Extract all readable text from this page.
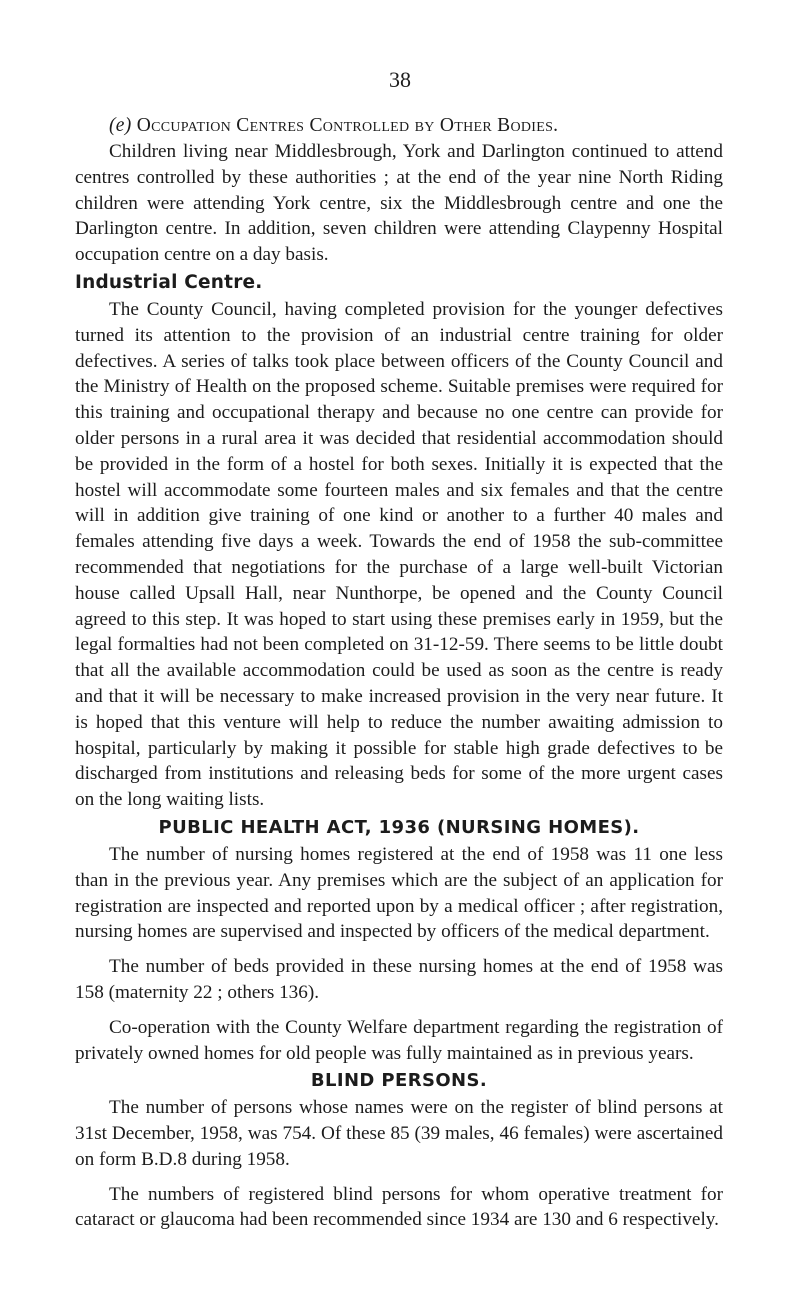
38
(e) Occupation Centres Controlled by Other Bodies.

Children living near Middlesbrough, York and Darlington continued to attend centres controlled by these authorities ; at the end of the year nine North Riding children were attending York centre, six the Middlesbrough centre and one the Darlington centre. In addition, seven children were attending Claypenny Hospital occupation centre on a day basis.

Industrial Centre.

The County Council, having completed provision for the younger defectives turned its attention to the provision of an industrial centre training for older defectives. A series of talks took place between officers of the County Council and the Ministry of Health on the proposed scheme. Suitable premises were required for this training and occupational therapy and because no one centre can provide for older persons in a rural area it was decided that residential accommodation should be provided in the form of a hostel for both sexes. Initially it is expected that the hostel will accommodate some fourteen males and six females and that the centre will in addition give training of one kind or another to a further 40 males and females attending five days a week. Towards the end of 1958 the sub-committee recommended that negotiations for the purchase of a large well-built Victorian house called Upsall Hall, near Nunthorpe, be opened and the County Council agreed to this step. It was hoped to start using these premises early in 1959, but the legal formalties had not been completed on 31-12-59. There seems to be little doubt that all the available accommodation could be used as soon as the centre is ready and that it will be necessary to make increased provision in the very near future. It is hoped that this venture will help to reduce the number awaiting admission to hospital, particularly by making it possible for stable high grade defectives to be discharged from institutions and releasing beds for some of the more urgent cases on the long waiting lists.

PUBLIC HEALTH ACT, 1936 (NURSING HOMES).

The number of nursing homes registered at the end of 1958 was 11 one less than in the previous year. Any premises which are the subject of an application for registration are inspected and reported upon by a medical officer ; after registration, nursing homes are supervised and inspected by officers of the medical department.

The number of beds provided in these nursing homes at the end of 1958 was 158 (maternity 22 ; others 136).

Co-operation with the County Welfare department regarding the registration of privately owned homes for old people was fully maintained as in previous years.

BLIND PERSONS.

The number of persons whose names were on the register of blind persons at 31st December, 1958, was 754. Of these 85 (39 males, 46 females) were ascertained on form B.D.8 during 1958.

The numbers of registered blind persons for whom operative treatment for cataract or glaucoma had been recommended since 1934 are 130 and 6 respectively.
